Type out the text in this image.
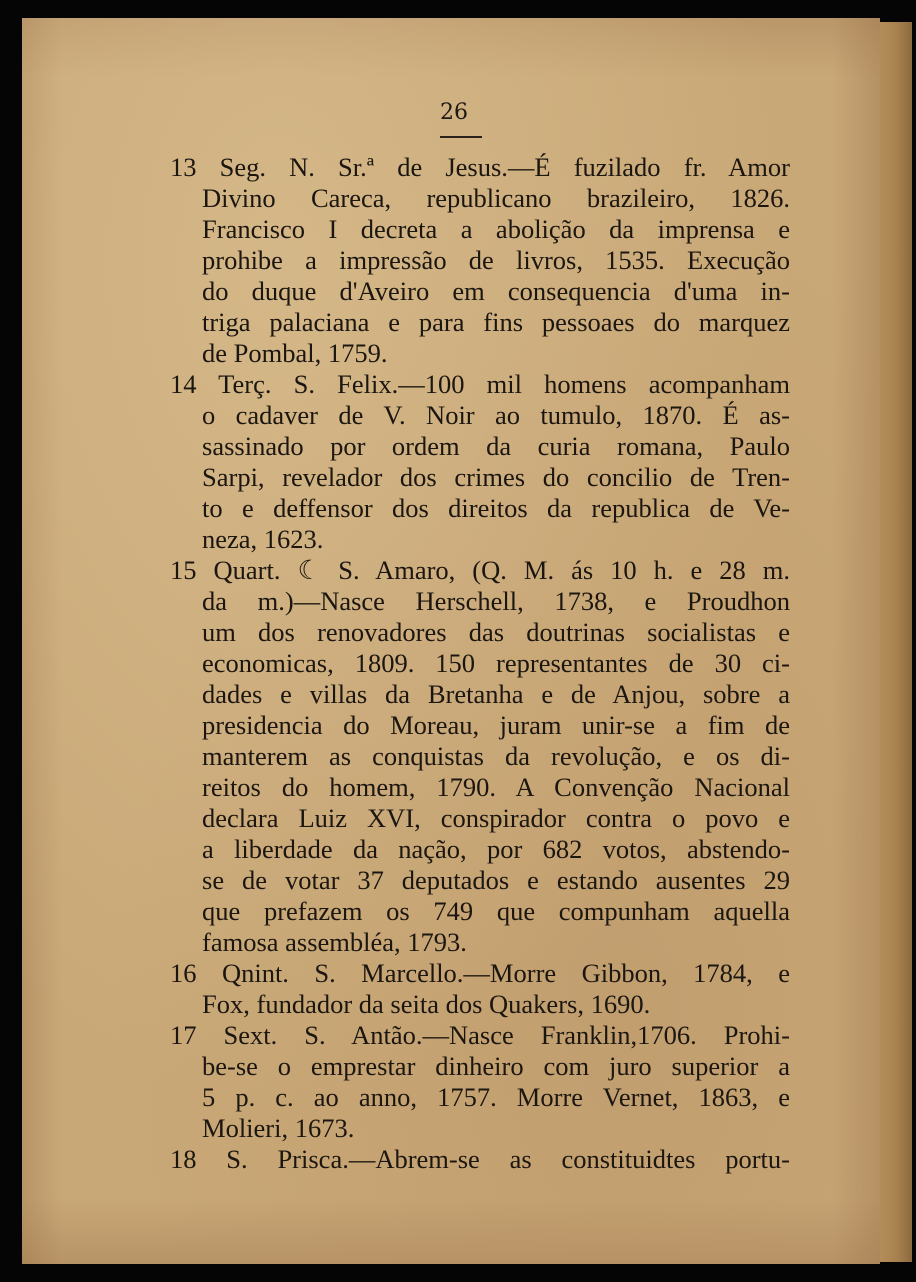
26
13 Seg. N. Sr.ª de Jesus.—É fuzilado fr. Amor
Divino Careca, republicano brazileiro, 1826.
Francisco I decreta a abolição da imprensa e
prohibe a impressão de livros, 1535. Execução
do duque d'Aveiro em consequencia d'uma in-
triga palaciana e para fins pessoaes do marquez
de Pombal, 1759.
14 Terç. S. Felix.—100 mil homens acompanham
o cadaver de V. Noir ao tumulo, 1870. É as-
sassinado por ordem da curia romana, Paulo
Sarpi, revelador dos crimes do concilio de Tren-
to e deffensor dos direitos da republica de Ve-
neza, 1623.
15 Quart. ☾ S. Amaro, (Q. M. ás 10 h. e 28 m.
da m.)—Nasce Herschell, 1738, e Proudhon
um dos renovadores das doutrinas socialistas e
economicas, 1809. 150 representantes de 30 ci-
dades e villas da Bretanha e de Anjou, sobre a
presidencia do Moreau, juram unir-se a fim de
manterem as conquistas da revolução, e os di-
reitos do homem, 1790. A Convenção Nacional
declara Luiz XVI, conspirador contra o povo e
a liberdade da nação, por 682 votos, abstendo-
se de votar 37 deputados e estando ausentes 29
que prefazem os 749 que compunham aquella
famosa assembléa, 1793.
16 Qnint. S. Marcello.—Morre Gibbon, 1784, e
Fox, fundador da seita dos Quakers, 1690.
17 Sext. S. Antão.—Nasce Franklin,1706. Prohi-
be-se o emprestar dinheiro com juro superior a
5 p. c. ao anno, 1757. Morre Vernet, 1863, e
Molieri, 1673.
18 S. Prisca.—Abrem-se as constituidtes portu-
